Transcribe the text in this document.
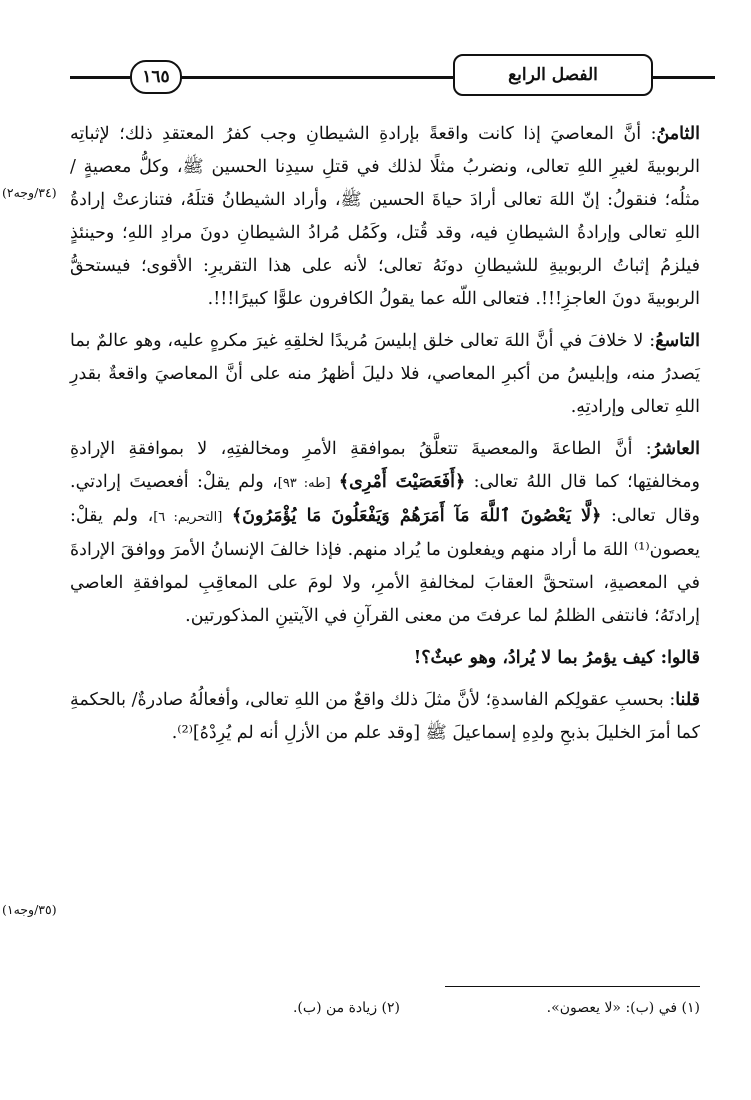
١٦٥	الفصل الرابع
(٣٤/وجه٢)
(٣٥/وجه١)

الثامنُ: أنَّ المعاصيَ إذا كانت واقعةً بإرادةِ الشيطانِ وجب كفرُ المعتقدِ ذلك؛ لإثباتِه الربوبيةَ لغيرِ اللهِ تعالى، ونضربُ مثلًا لذلك في قتلِ سيدِنا الحسين ﷺ، وكلُّ معصيةٍ / مثلُه؛ فنقولُ: إنّ اللهَ تعالى أرادَ حياةَ الحسين ﷺ، وأراد الشيطانُ قتلَهُ، فتنازعتْ إرادةُ اللهِ تعالى وإرادةُ الشيطانِ فيه، وقد قُتل، وكَمُل مُرادُ الشيطانِ دونَ مرادِ اللهِ؛ وحينئذٍ فيلزمُ إثباتُ الربوبيةِ للشيطانِ دونَهُ تعالى؛ لأنه على هذا التقريرِ: الأقوى؛ فيستحقُّ الربوبيةَ دونَ العاجزِ!!!. فتعالى اللّه عما يقولُ الكافرون علوًّا كبيرًا!!!.

التاسعُ: لا خلافَ في أنَّ اللهَ تعالى خلق إبليسَ مُريدًا لخلقِهِ غيرَ مكرهٍ عليه، وهو عالمٌ بما يَصدرُ منه، وإبليسُ من أكبرِ المعاصي، فلا دليلَ أظهرُ منه على أنَّ المعاصيَ واقعةٌ بقدرِ اللهِ تعالى وإرادتِهِ.

العاشرُ: أنَّ الطاعةَ والمعصيةَ تتعلَّقُ بموافقةِ الأمرِ ومخالفتِهِ، لا بموافقةِ الإرادةِ ومخالفتِها؛ كما قال اللهُ تعالى: ﴿أَفَعَصَيْتَ أَمْرِى﴾ [طه: ٩٣]، ولم يقلْ: أفعصيتَ إرادتي. وقال تعالى: ﴿لَّا يَعْصُونَ ٱللَّهَ مَآ أَمَرَهُمْ وَيَفْعَلُونَ مَا يُؤْمَرُونَ﴾ [التحريم: ٦]، ولم يقلْ: يعصون⁽¹⁾ اللهَ ما أراد منهم ويفعلون ما يُراد منهم. فإذا خالفَ الإنسانُ الأمرَ ووافقَ الإرادةَ في المعصيةِ، استحقَّ العقابَ لمخالفةِ الأمرِ، ولا لومَ على المعاقِبِ لموافقةِ العاصي إرادتَهُ؛ فانتفى الظلمُ لما عرفتَ من معنى القرآنِ في الآيتينِ المذكورتين.

قالوا: كيف يؤمرُ بما لا يُرادُ، وهو عبثٌ؟!

قلنا: بحسبِ عقولِكم الفاسدةِ؛ لأنَّ مثلَ ذلك واقعٌ من اللهِ تعالى، وأفعالُهُ صادرةٌ/ بالحكمةِ كما أمرَ الخليلَ بذبحِ ولدِهِ إسماعيلَ ﷺ [وقد علم من الأزلِ أنه لم يُرِدْهُ]⁽²⁾.

(١) في (ب): «لا يعصون».
(٢) زيادة من (ب).
